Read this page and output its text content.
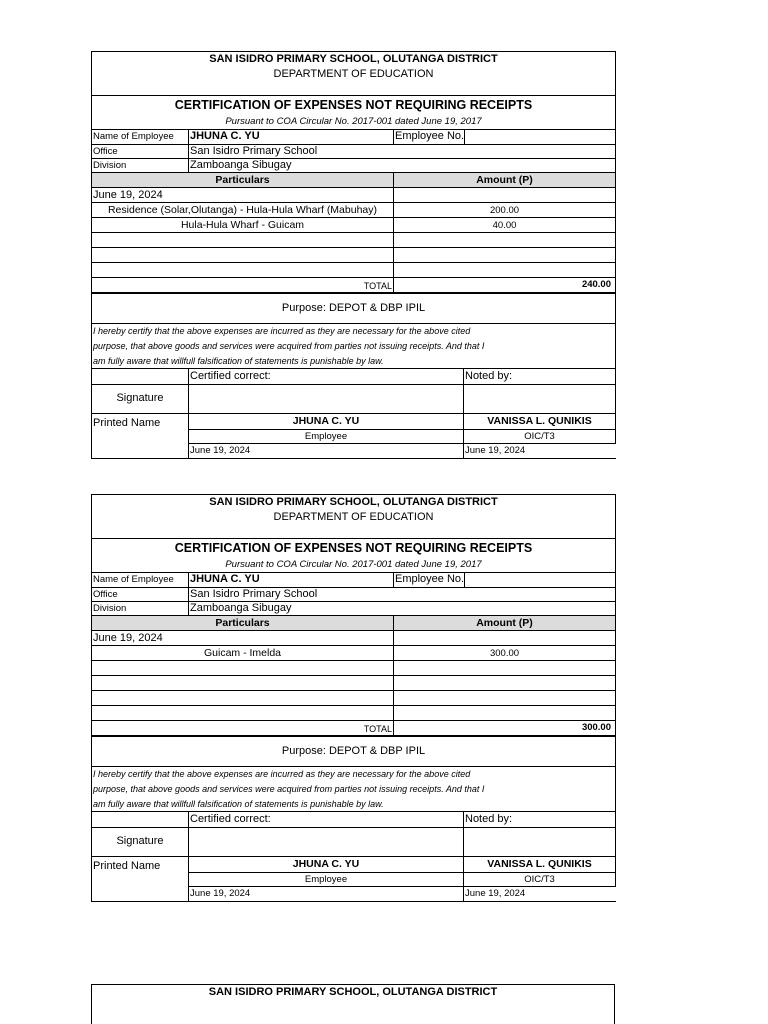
SAN ISIDRO PRIMARY SCHOOL, OLUTANGA DISTRICT
DEPARTMENT OF EDUCATION
CERTIFICATION OF EXPENSES NOT REQUIRING RECEIPTS
Pursuant to COA Circular No. 2017-001 dated June 19, 2017
Name of Employee JHUNA C. YU	Employee No.
Office	San Isidro Primary School
Division	Zamboanga Sibugay
Particulars	Amount (P)
June 19, 2024
Residence (Solar,Olutanga) - Hula-Hula Wharf (Mabuhay)	200.00
Hula-Hula Wharf - Guicam	40.00
TOTAL	240.00
Purpose: DEPOT & DBP IPIL
I hereby certify that the above expenses are incurred as they are necessary for the above cited
purpose, that above goods and services were acquired from parties not issuing receipts. And that I
am fully aware that willfull falsification of statements is punishable by law.
Certified correct:	Noted by:
Signature
Printed Name	JHUNA C. YU	VANISSA L. QUNIKIS
Employee	OIC/T3
June 19, 2024	June 19, 2024
SAN ISIDRO PRIMARY SCHOOL, OLUTANGA DISTRICT
DEPARTMENT OF EDUCATION
CERTIFICATION OF EXPENSES NOT REQUIRING RECEIPTS
Pursuant to COA Circular No. 2017-001 dated June 19, 2017
Name of Employee JHUNA C. YU	Employee No.
Office	San Isidro Primary School
Division	Zamboanga Sibugay
Particulars	Amount (P)
June 19, 2024
Guicam - Imelda	300.00
TOTAL	300.00
Purpose: DEPOT & DBP IPIL
I hereby certify that the above expenses are incurred as they are necessary for the above cited
purpose, that above goods and services were acquired from parties not issuing receipts. And that I
am fully aware that willfull falsification of statements is punishable by law.
Certified correct:	Noted by:
Signature
Printed Name	JHUNA C. YU	VANISSA L. QUNIKIS
Employee	OIC/T3
June 19, 2024	June 19, 2024
SAN ISIDRO PRIMARY SCHOOL, OLUTANGA DISTRICT
